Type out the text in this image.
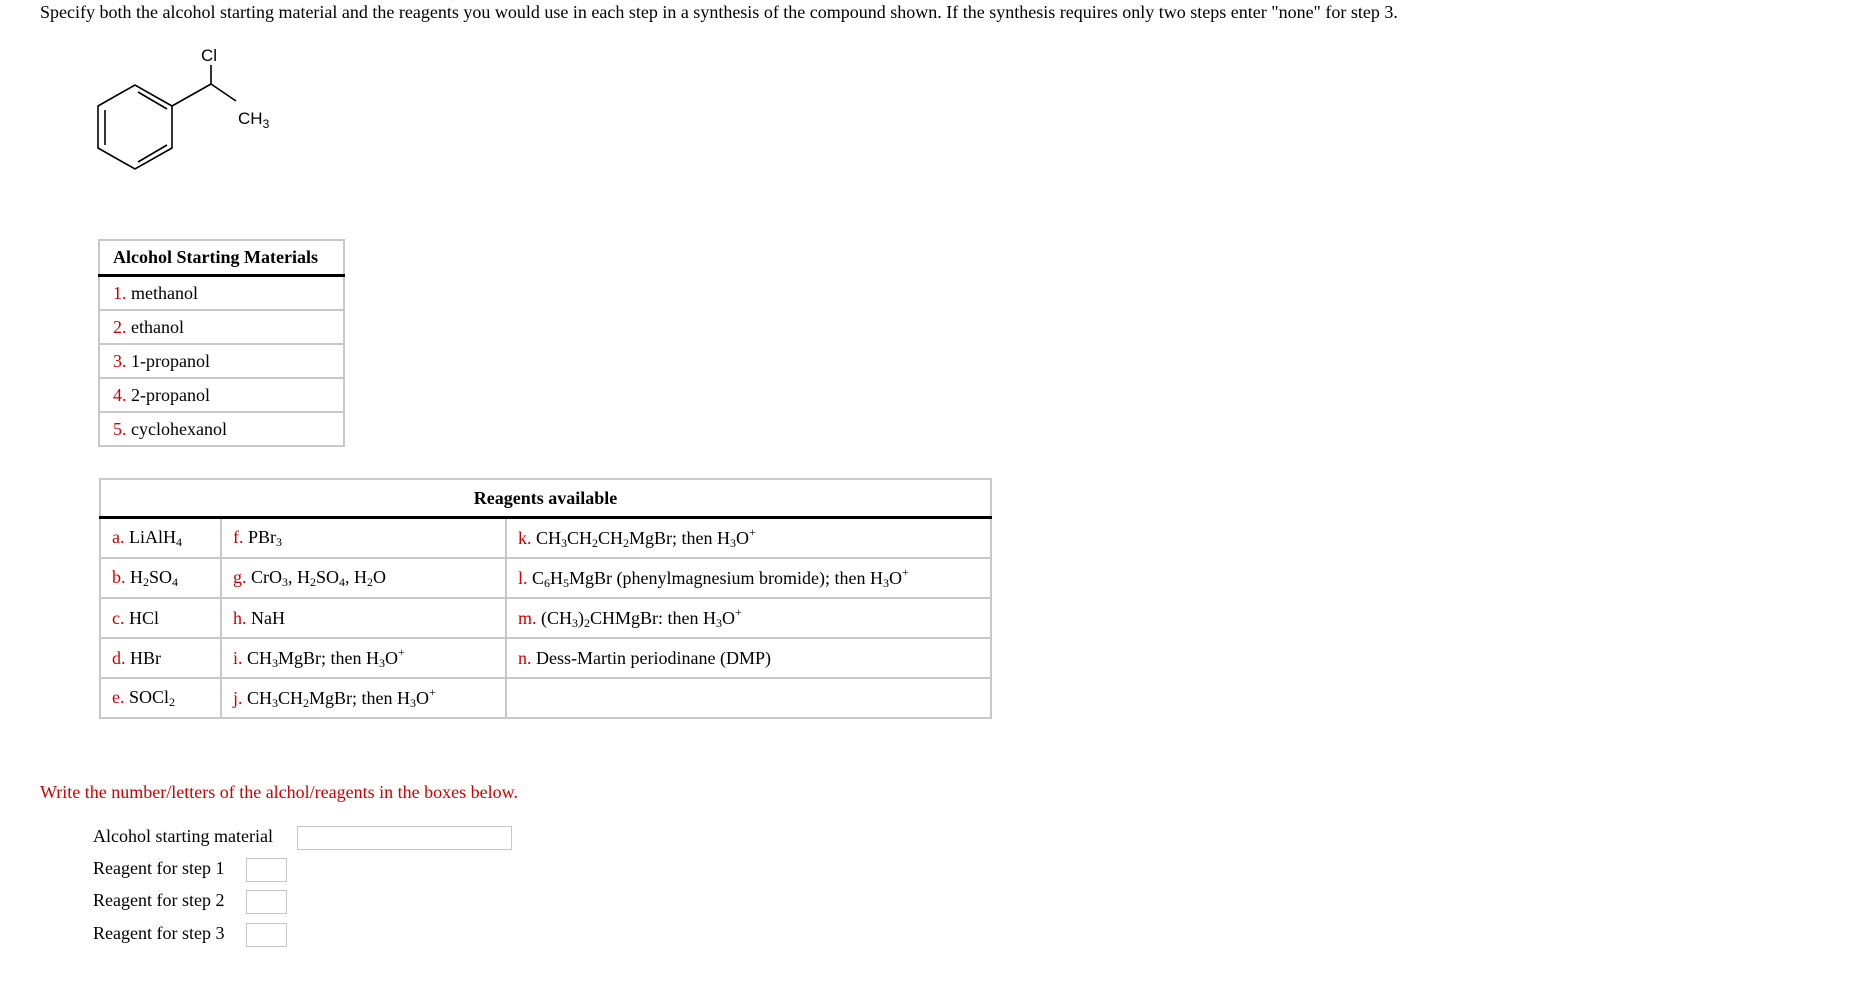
Specify both the alcohol starting material and the reagents you would use in each step in a synthesis of the compound shown. If the synthesis requires only two steps enter "none" for step 3.
Cl
$CH_3$
Alcohol Starting Materials
1. methanol
2. ethanol
3. 1-propanol
4. 2-propanol
5. cyclohexanol
Reagents available		
a. LiAlH$_4$	f. PBr$_3$	k. $CH_3CH_2CH_2MgBr$; then $H_3O^+$
b. $H_2SO_4$	g. CrO$_3$, $H_2SO_4$, $H_2O$	l. $C_6H_5MgBr$ (phenylmagnesium bromide); then $H_3O^+$
c. HCl	h. NaH	m. $(CH_3)_2CHMgBr$: then $H_3O^+$
d. HBr	i. $CH_3MgBr$; then $H_3O^+$	n. Dess-Martin periodinane (DMP)
e. SOCl$_2$	j. $CH_3CH_2MgBr$; then $H_3O^+$	
Write the number/letters of the alchol/reagents in the boxes below.
Alcohol starting material
Reagent for step 1
Reagent for step 2
Reagent for step 3
